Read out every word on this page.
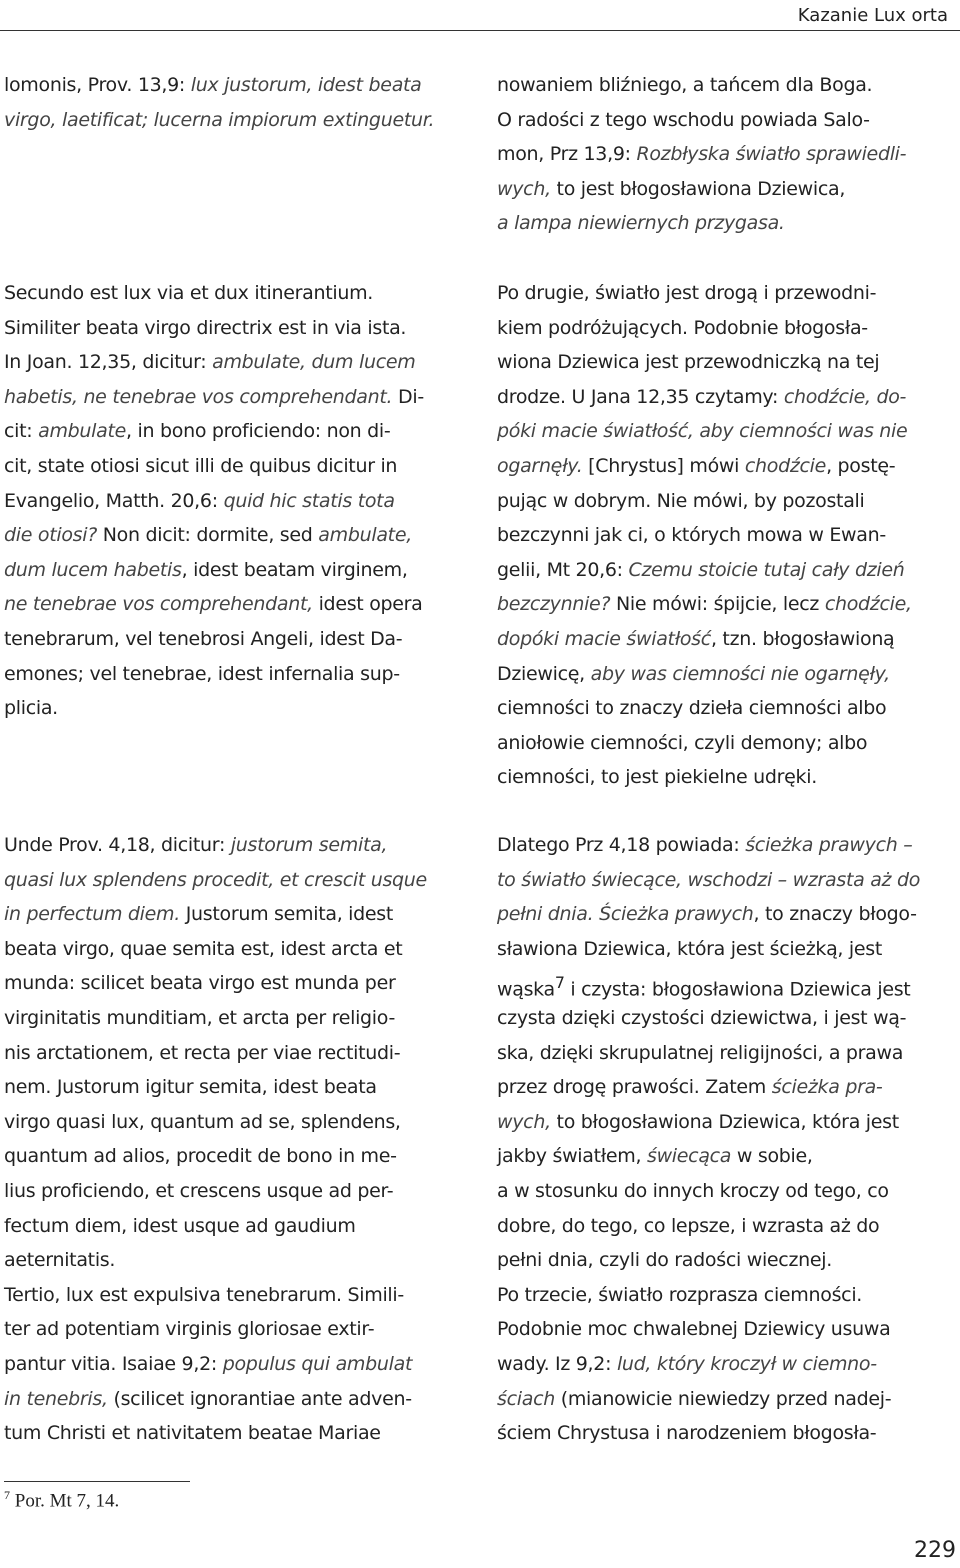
Kazanie Lux orta
lomonis, Prov. 13,9: lux justorum, idest beata
virgo, laetificat; lucerna impiorum extinguetur.
Secundo est lux via et dux itinerantium.
Similiter beata virgo directrix est in via ista.
In Joan. 12,35, dicitur: ambulate, dum lucem
habetis, ne tenebrae vos comprehendant. Di-
cit: ambulate, in bono proficiendo: non di-
cit, state otiosi sicut illi de quibus dicitur in
Evangelio, Matth. 20,6: quid hic statis tota
die otiosi? Non dicit: dormite, sed ambulate,
dum lucem habetis, idest beatam virginem,
ne tenebrae vos comprehendant, idest opera
tenebrarum, vel tenebrosi Angeli, idest Da-
emones; vel tenebrae, idest infernalia sup-
plicia.
Unde Prov. 4,18, dicitur: justorum semita,
quasi lux splendens procedit, et crescit usque
in perfectum diem. Justorum semita, idest
beata virgo, quae semita est, idest arcta et
munda: scilicet beata virgo est munda per
virginitatis munditiam, et arcta per religio-
nis arctationem, et recta per viae rectitudi-
nem. Justorum igitur semita, idest beata
virgo quasi lux, quantum ad se, splendens,
quantum ad alios, procedit de bono in me-
lius proficiendo, et crescens usque ad per-
fectum diem, idest usque ad gaudium
aeternitatis.
Tertio, lux est expulsiva tenebrarum. Simili-
ter ad potentiam virginis gloriosae extir-
pantur vitia. Isaiae 9,2: populus qui ambulat
in tenebris, (scilicet ignorantiae ante adven-
tum Christi et nativitatem beatae Mariae
nowaniem bliźniego, a tańcem dla Boga.
O radości z tego wschodu powiada Salo-
mon, Prz 13,9: Rozbłyska światło sprawiedli-
wych, to jest błogosławiona Dziewica,
a lampa niewiernych przygasa.
Po drugie, światło jest drogą i przewodni-
kiem podróżujących. Podobnie błogosła-
wiona Dziewica jest przewodniczką na tej
drodze. U Jana 12,35 czytamy: chodźcie, do-
póki macie światłość, aby ciemności was nie
ogarnęły. [Chrystus] mówi chodźcie, postę-
pując w dobrym. Nie mówi, by pozostali
bezczynni jak ci, o których mowa w Ewan-
gelii, Mt 20,6: Czemu stoicie tutaj cały dzień
bezczynnie? Nie mówi: śpijcie, lecz chodźcie,
dopóki macie światłość, tzn. błogosławioną
Dziewicę, aby was ciemności nie ogarnęły,
ciemności to znaczy dzieła ciemności albo
aniołowie ciemności, czyli demony; albo
ciemności, to jest piekielne udręki.
Dlatego Prz 4,18 powiada: ścieżka prawych –
to światło świecące, wschodzi – wzrasta aż do
pełni dnia. Ścieżka prawych, to znaczy błogo-
sławiona Dziewica, która jest ścieżką, jest
wąska$^7$ i czysta: błogosławiona Dziewica jest
czysta dzięki czystości dziewictwa, i jest wą-
ska, dzięki skrupulatnej religijności, a prawa
przez drogę prawości. Zatem ścieżka pra-
wych, to błogosławiona Dziewica, która jest
jakby światłem, świecąca w sobie,
a w stosunku do innych kroczy od tego, co
dobre, do tego, co lepsze, i wzrasta aż do
pełni dnia, czyli do radości wiecznej.
Po trzecie, światło rozprasza ciemności.
Podobnie moc chwalebnej Dziewicy usuwa
wady. Iz 9,2: lud, który kroczył w ciemno-
ściach (mianowicie niewiedzy przed nadej-
ściem Chrystusa i narodzeniem błogosła-
$^7$ Por. Mt 7, 14.
229
